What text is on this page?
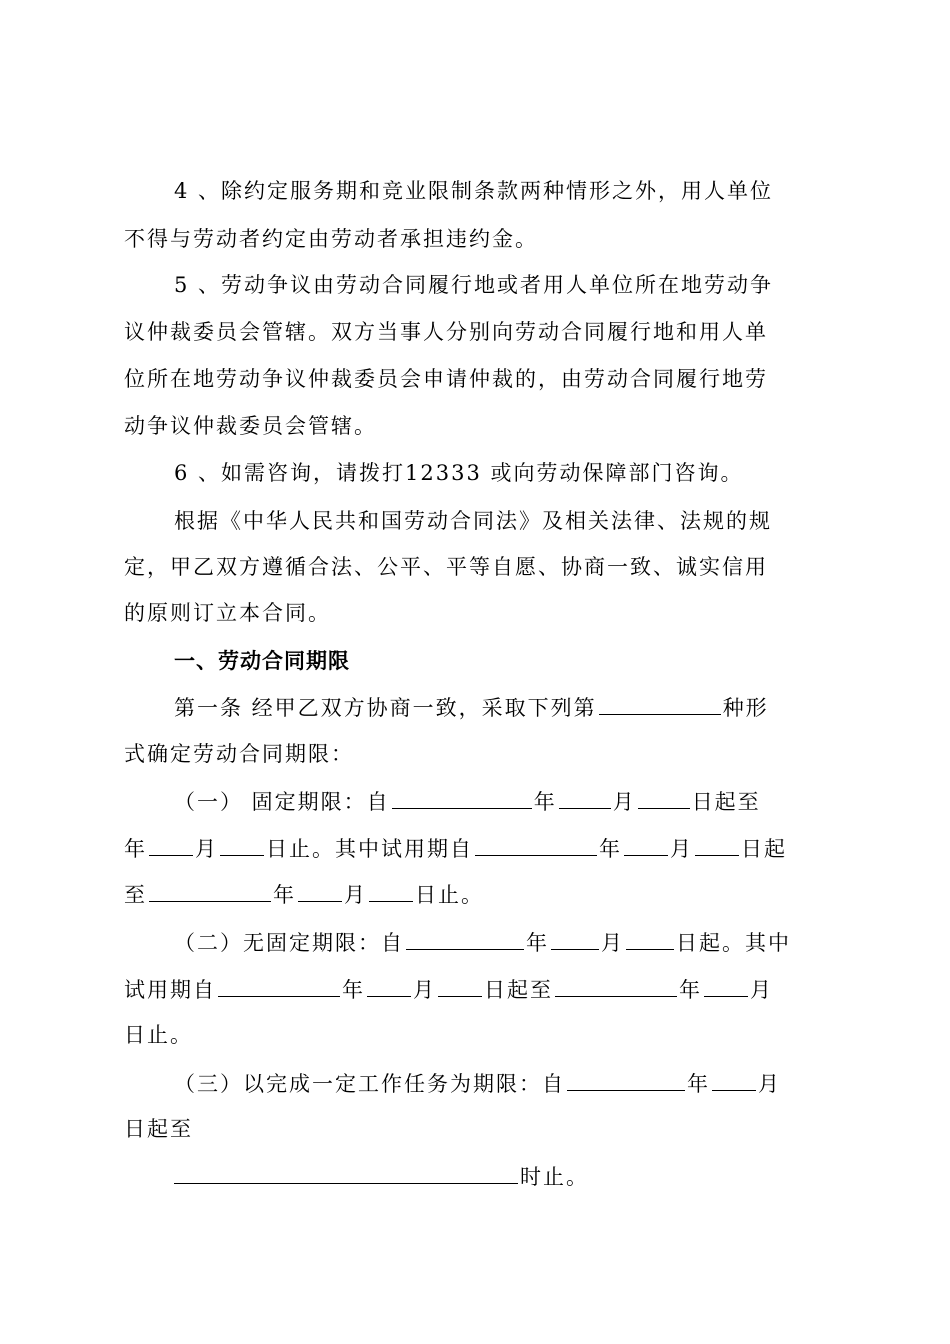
4 、除约定服务期和竞业限制条款两种情形之外，用人单位
不得与劳动者约定由劳动者承担违约金。
5 、劳动争议由劳动合同履行地或者用人单位所在地劳动争
议仲裁委员会管辖。双方当事人分别向劳动合同履行地和用人单
位所在地劳动争议仲裁委员会申请仲裁的，由劳动合同履行地劳
动争议仲裁委员会管辖。
6 、如需咨询，请拨打12333 或向劳动保障部门咨询。
根据《中华人民共和国劳动合同法》及相关法律、法规的规
定，甲乙双方遵循合法、公平、平等自愿、协商一致、诚实信用
的原则订立本合同。
一、劳动合同期限
第一条 经甲乙双方协商一致，采取下列第	种形
式确定劳动合同期限：
（一） 固定期限：自	年	月	日起至
年 月 日止。其中试用期自	年 月 日起
至	年 月 日止。
（二）无固定期限：自	年 月 日起。其中
试用期自	年 月 日起至	年 月
日止。
（三）以完成一定工作任务为期限：自	年 月
日起至
时止。
